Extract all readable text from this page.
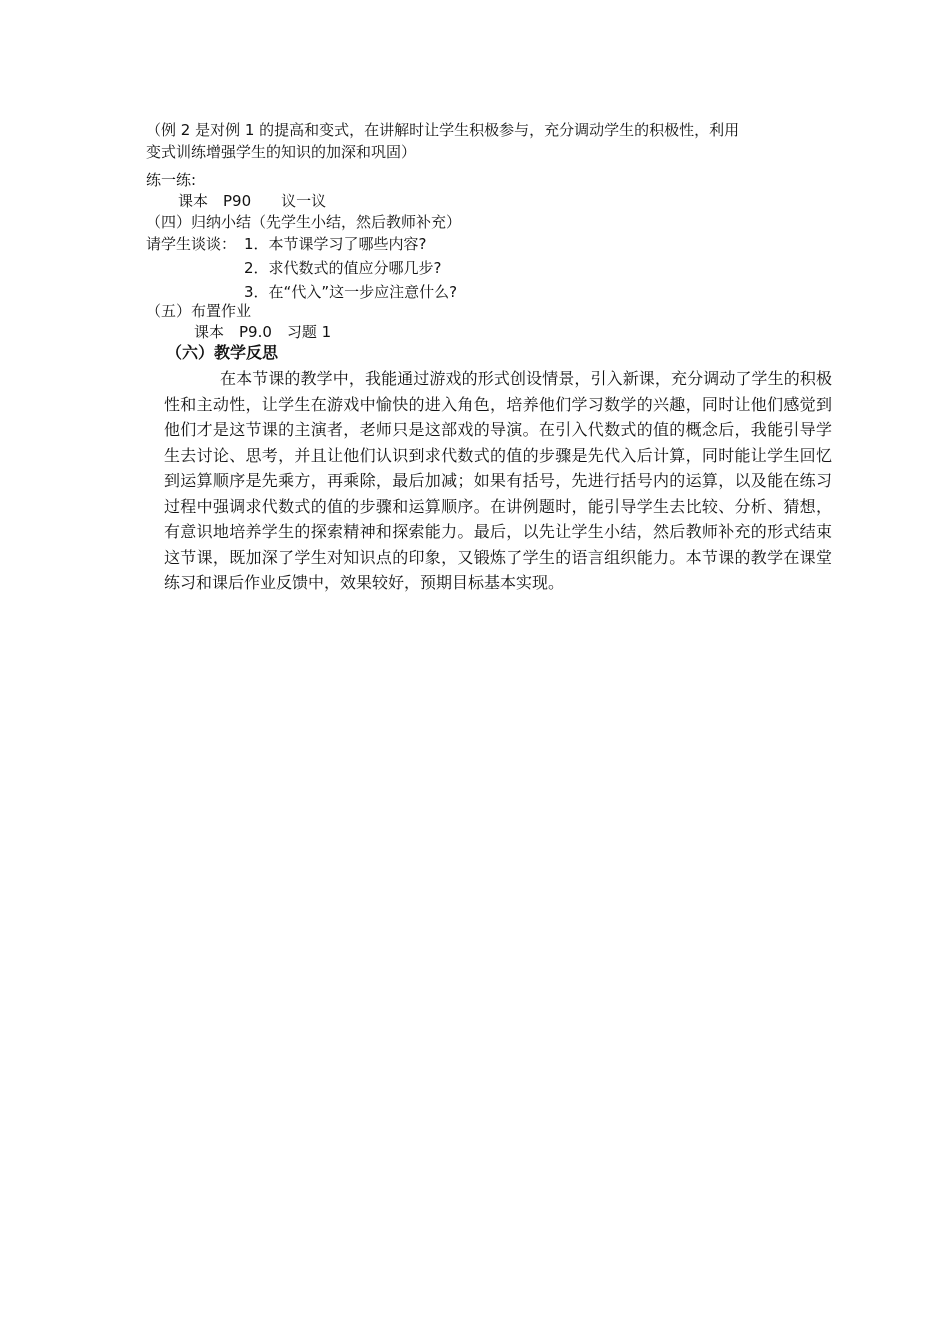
（例 2 是对例 1 的提高和变式，在讲解时让学生积极参与，充分调动学生的积极性，利用
变式训练增强学生的知识的加深和巩固）
练一练:
课本　P90　　议一议
（四）归纳小结（先学生小结，然后教师补充）
请学生谈谈： 1．本节课学习了哪些内容?
2．求代数式的值应分哪几步?
3．在“代入”这一步应注意什么?
（五）布置作业
课本　P9.0　习题 1
（六）教学反思
在本节课的教学中，我能通过游戏的形式创设情景，引入新课，充分调动了学生的积极性和主动性，让学生在游戏中愉快的进入角色，培养他们学习数学的兴趣，同时让他们感觉到他们才是这节课的主演者，老师只是这部戏的导演。在引入代数式的值的概念后，我能引导学生去讨论、思考，并且让他们认识到求代数式的值的步骤是先代入后计算，同时能让学生回忆到运算顺序是先乘方，再乘除，最后加减；如果有括号，先进行括号内的运算，以及能在练习过程中强调求代数式的值的步骤和运算顺序。在讲例题时，能引导学生去比较、分析、猜想，有意识地培养学生的探索精神和探索能力。最后，以先让学生小结，然后教师补充的形式结束这节课，既加深了学生对知识点的印象，又锻炼了学生的语言组织能力。本节课的教学在课堂练习和课后作业反馈中，效果较好，预期目标基本实现。
